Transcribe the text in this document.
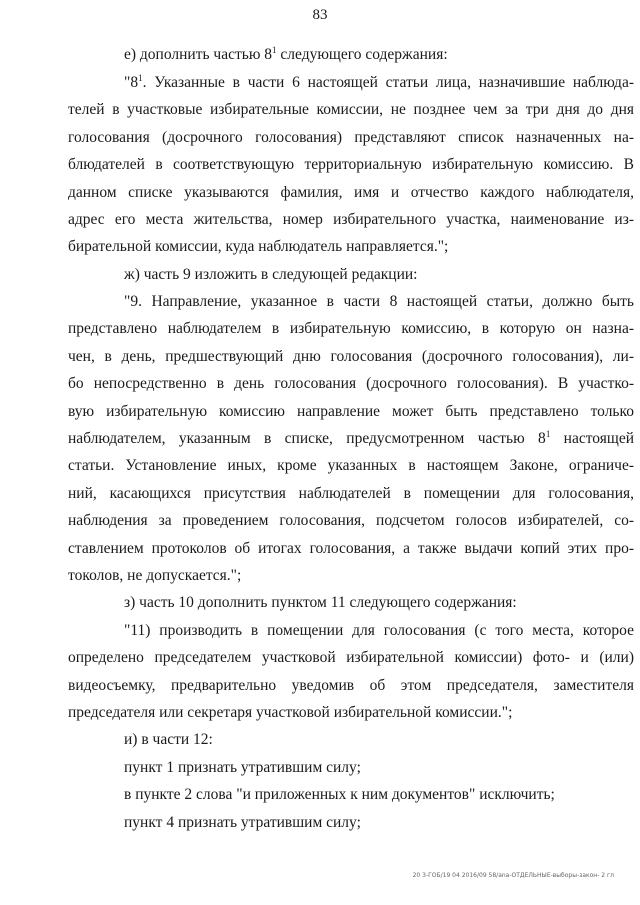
83
е) дополнить частью $8^1$ следующего содержания:
"$8^1$. Указанные в части 6 настоящей статьи лица, назначившие наблюда-
телей в участковые избирательные комиссии, не позднее чем за три дня до дня
голосования (досрочного голосования) представляют список назначенных на-
блюдателей в соответствующую территориальную избирательную комиссию. В
данном списке указываются фамилия, имя и отчество каждого наблюдателя,
адрес его места жительства, номер избирательного участка, наименование из-
бирательной комиссии, куда наблюдатель направляется.";
ж) часть 9 изложить в следующей редакции:
"9. Направление, указанное в части 8 настоящей статьи, должно быть
представлено наблюдателем в избирательную комиссию, в которую он назна-
чен, в день, предшествующий дню голосования (досрочного голосования), ли-
бо непосредственно в день голосования (досрочного голосования). В участко-
вую избирательную комиссию направление может быть представлено только
наблюдателем, указанным в списке, предусмотренном частью $8^1$ настоящей
статьи. Установление иных, кроме указанных в настоящем Законе, ограниче-
ний, касающихся присутствия наблюдателей в помещении для голосования,
наблюдения за проведением голосования, подсчетом голосов избирателей, со-
ставлением протоколов об итогах голосования, а также выдачи копий этих про-
токолов, не допускается.";
з) часть 10 дополнить пунктом 11 следующего содержания:
"11) производить в помещении для голосования (с того места, которое
определено председателем участковой избирательной комиссии) фото- и (или)
видеосъемку, предварительно уведомив об этом председателя, заместителя
председателя или секретаря участковой избирательной комиссии.";
и) в части 12:
пункт 1 признать утратившим силу;
в пункте 2 слова "и приложенных к ним документов" исключить;
пункт 4 признать утратившим силу;
20 3-ГОБ/19 04 2016/09 58/ana-ОТДЕЛЬНЫЕ-выборы-закон- 2 гл
